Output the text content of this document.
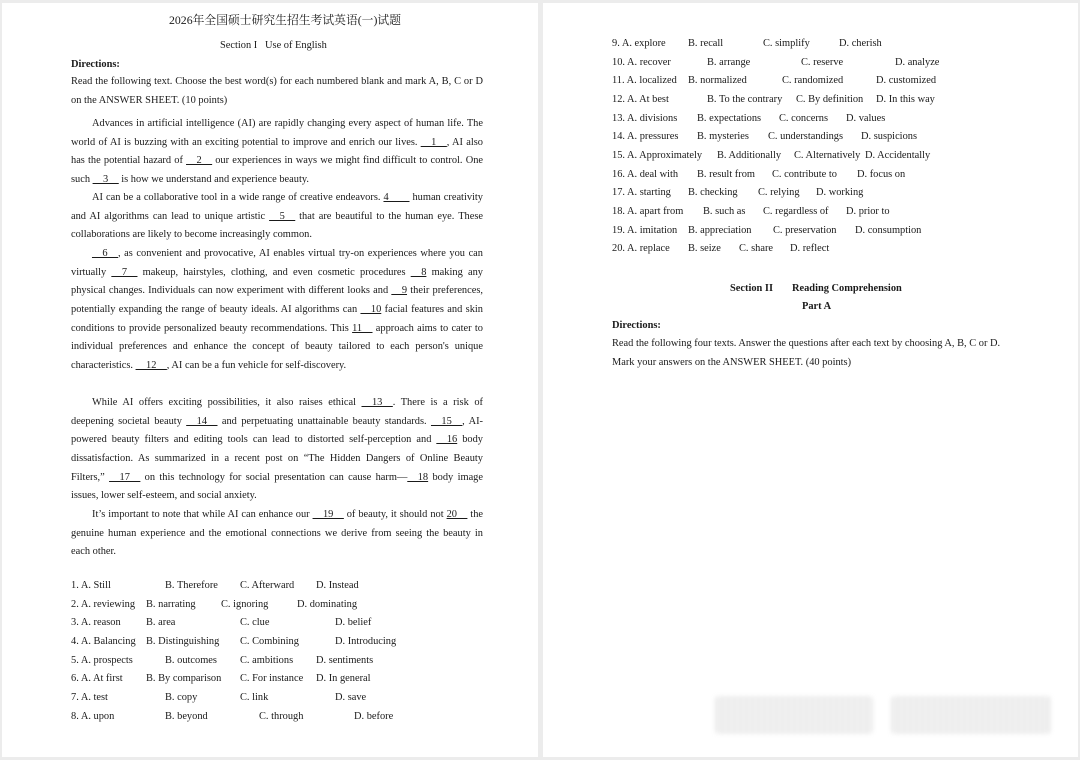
2026年全国硕士研究生招生考试英语(一)试题
Section I   Use of English
Directions:
Read the following text. Choose the best word(s) for each numbered blank and mark A, B, C or D on the ANSWER SHEET. (10 points)
Advances in artificial intelligence (AI) are rapidly changing every aspect of human life. The world of AI is buzzing with an exciting potential to improve and enrich our lives. __1__, AI also has the potential hazard of __2__ our experiences in ways we might find difficult to control. One such __3__ is how we understand and experience beauty.
AI can be a collaborative tool in a wide range of creative endeavors. 4____ human creativity and AI algorithms can lead to unique artistic __5__ that are beautiful to the human eye. These collaborations are likely to become increasingly common.
__6__, as convenient and provocative, AI enables virtual try-on experiences where you can virtually __7__ makeup, hairstyles, clothing, and even cosmetic procedures __8 making any physical changes. Individuals can now experiment with different looks and __9 their preferences, potentially expanding the range of beauty ideals. AI algorithms can __10 facial features and skin conditions to provide personalized beauty recommendations. This 11__ approach aims to cater to individual preferences and enhance the concept of beauty tailored to each person's unique characteristics. __12__, AI can be a fun vehicle for self-discovery.
While AI offers exciting possibilities, it also raises ethical __13__. There is a risk of deepening societal beauty __14__ and perpetuating unattainable beauty standards. __15__, AI-powered beauty filters and editing tools can lead to distorted self-perception and __16 body dissatisfaction. As summarized in a recent post on “The Hidden Dangers of Online Beauty Filters,” __17__ on this technology for social presentation can cause harm—__18 body image issues, lower self-esteem, and social anxiety.
It’s important to note that while AI can enhance our __19__ of beauty, it should not 20__ the genuine human experience and the emotional connections we derive from seeing the beauty in each other.
1. A. Still	B. Therefore C. Afterward D. Instead
2. A. reviewing B. narrating C. ignoring	D. dominating
3. A. reason B. area	C. clue	D. belief
4. A. Balancing B. Distinguishing C. Combining	D. Introducing
5. A. prospects	B. outcomes C. ambitions D. sentiments
6. A. At first B. By comparison C. For instance D. In general
7. A. test	B. copy	C. link	D. save
8. A. upon	B. beyond	C. through	D. before
9. A. explore B. recall	C. simplify	D. cherish
10. A. recover	B. arrange	C. reserve	D. analyze
11. A. localized B. normalized	C. randomized	D. customized
12. A. At best	B. To the contrary C. By definition D. In this way
13. A. divisions B. expectations C. concerns D. values
14. A. pressures B. mysteries C. understandings D. suspicions
15. A. Approximately B. Additionally C. Alternatively D. Accidentally
16. A. deal with B. result from C. contribute to D. focus on
17. A. starting B. checking C. relying D. working
18. A. apart from B. such as C. regardless of D. prior to
19. A. imitation B. appreciation C. preservation D. consumption
20. A. replace B. seize C. share D. reflect
Section II Reading Comprehension
Part A
Directions:
Read the following four texts. Answer the questions after each text by choosing A, B, C or D.
Mark your answers on the ANSWER SHEET. (40 points)
